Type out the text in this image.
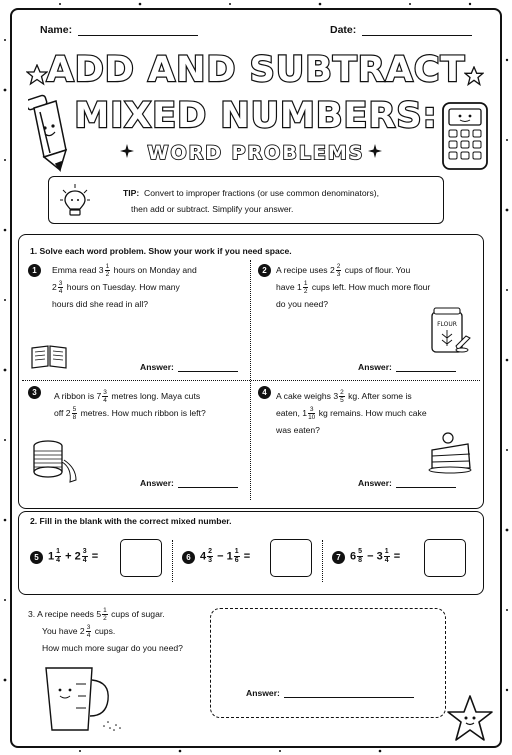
Name:	Date:
ADD AND SUBTRACT
MIXED NUMBERS:
WORD PROBLEMS
TIP: Convert to improper fractions (or use common denominators),
then add or subtract. Simplify your answer.
1. Solve each word problem. Show your work if you need space.
1	Emma read $3 \frac{1}{2}$ hours on Monday and
$2 \frac{3}{4}$ hours on Tuesday. How many
hours did she read in all?
Answer:
2	A recipe uses $2 \frac{2}{3}$ cups of flour. You
have $1 \frac{1}{2}$ cups left. How much more flour
do you need?
FLOUR
Answer:
3	A ribbon is $7 \frac{3}{4}$ metres long. Maya cuts
off $2 \frac{5}{8}$ metres. How much ribbon is left?
Answer:
4	A cake weighs $3 \frac{2}{5}$ kg. After some is
eaten, $1 \frac{3}{10}$ kg remains. How much cake
was eaten?
Answer:
2. Fill in the blank with the correct mixed number.
5 $1 \frac{1}{4} + 2 \frac{3}{4}$ =	6 $4 \frac{2}{3} - 1 \frac{1}{6}$ =	7 $6 \frac{5}{8} - 3 \frac{1}{4}$ =
3. A recipe needs $5 \frac{1}{2}$ cups of sugar.
You have $2 \frac{3}{4}$ cups.
How much more sugar do you need?
Answer:
